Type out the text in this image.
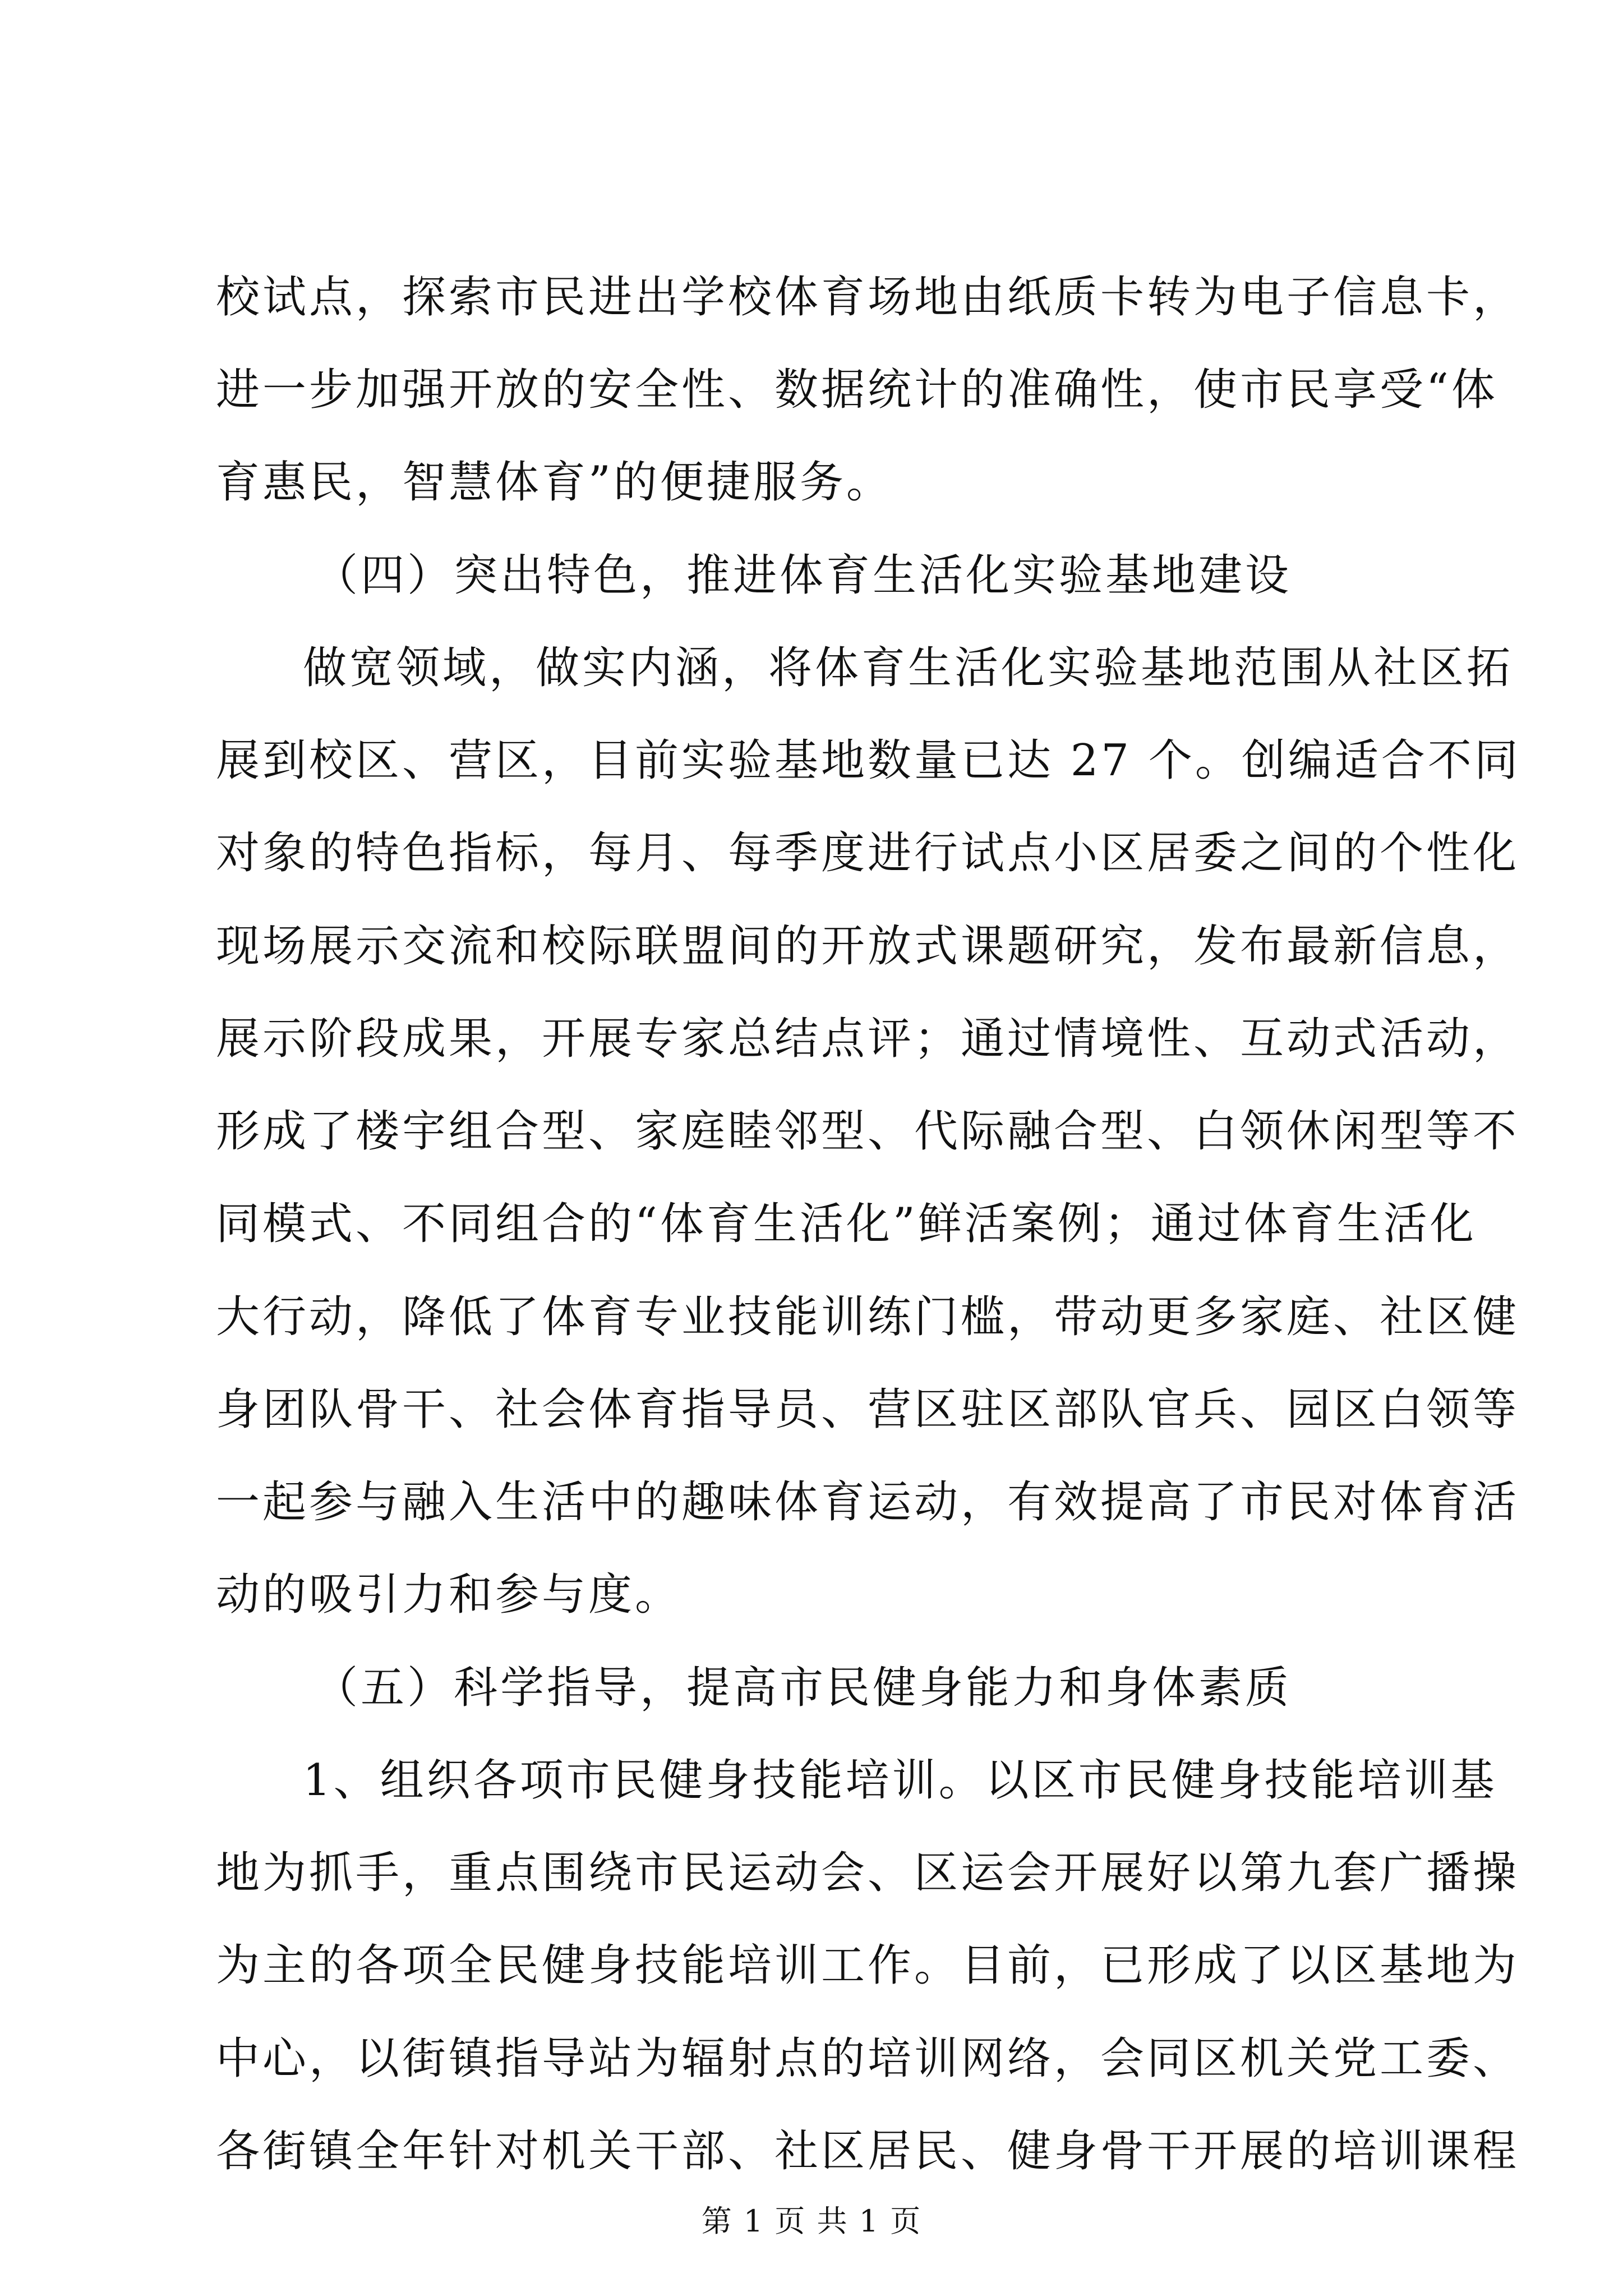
校试点，探索市民进出学校体育场地由纸质卡转为电子信息卡，
进一步加强开放的安全性、数据统计的准确性，使市民享受“体
育惠民，智慧体育”的便捷服务。
（四）突出特色，推进体育生活化实验基地建设
做宽领域，做实内涵，将体育生活化实验基地范围从社区拓
展到校区、营区，目前实验基地数量已达 27 个。创编适合不同
对象的特色指标，每月、每季度进行试点小区居委之间的个性化
现场展示交流和校际联盟间的开放式课题研究，发布最新信息，
展示阶段成果，开展专家总结点评；通过情境性、互动式活动，
形成了楼宇组合型、家庭睦邻型、代际融合型、白领休闲型等不
同模式、不同组合的“体育生活化”鲜活案例；通过体育生活化
大行动，降低了体育专业技能训练门槛，带动更多家庭、社区健
身团队骨干、社会体育指导员、营区驻区部队官兵、园区白领等
一起参与融入生活中的趣味体育运动，有效提高了市民对体育活
动的吸引力和参与度。
（五）科学指导，提高市民健身能力和身体素质
1、组织各项市民健身技能培训。以区市民健身技能培训基
地为抓手，重点围绕市民运动会、区运会开展好以第九套广播操
为主的各项全民健身技能培训工作。目前，已形成了以区基地为
中心，以街镇指导站为辐射点的培训网络，会同区机关党工委、
各街镇全年针对机关干部、社区居民、健身骨干开展的培训课程
第 1 页 共 1 页
